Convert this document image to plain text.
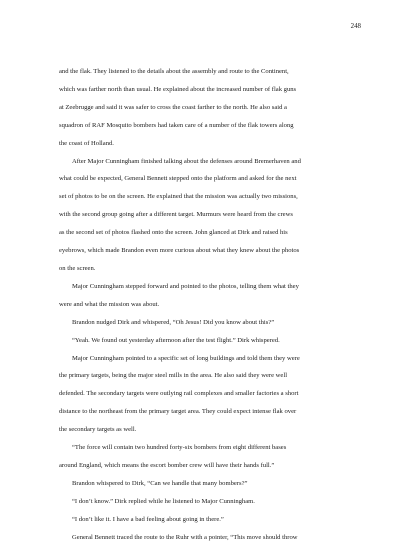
248

and the flak. They listened to the details about the assembly and route to the Continent,

which was farther north than usual. He explained about the increased number of flak guns

at Zeebrugge and said it was safer to cross the coast farther to the north. He also said a

squadron of RAF Mosquito bombers had taken care of a number of the flak towers along

the coast of Holland.

After Major Cunningham finished talking about the defenses around Bremerhaven and

what could be expected, General Bennett stepped onto the platform and asked for the next

set of photos to be on the screen. He explained that the mission was actually two missions,

with the second group going after a different target. Murmurs were heard from the crews

as the second set of photos flashed onto the screen. John glanced at Dirk and raised his

eyebrows, which made Brandon even more curious about what they knew about the photos

on the screen.

Major Cunningham stepped forward and pointed to the photos, telling them what they

were and what the mission was about.

Brandon nudged Dirk and whispered, “Oh Jesus! Did you know about this?”

“Yeah. We found out yesterday afternoon after the test flight.” Dirk whispered.

Major Cunningham pointed to a specific set of long buildings and told them they were

the primary targets, being the major steel mills in the area. He also said they were well

defended. The secondary targets were outlying rail complexes and smaller factories a short

distance to the northeast from the primary target area. They could expect intense flak over

the secondary targets as well.

“The force will contain two hundred forty-six bombers from eight different bases

around England, which means the escort bomber crew will have their hands full.”

Brandon whispered to Dirk, “Can we handle that many bombers?”

“I don’t know.” Dirk replied while he listened to Major Cunningham.

“I don’t like it. I have a bad feeling about going in there.”

General Bennett traced the route to the Ruhr with a pointer, “This move should throw
